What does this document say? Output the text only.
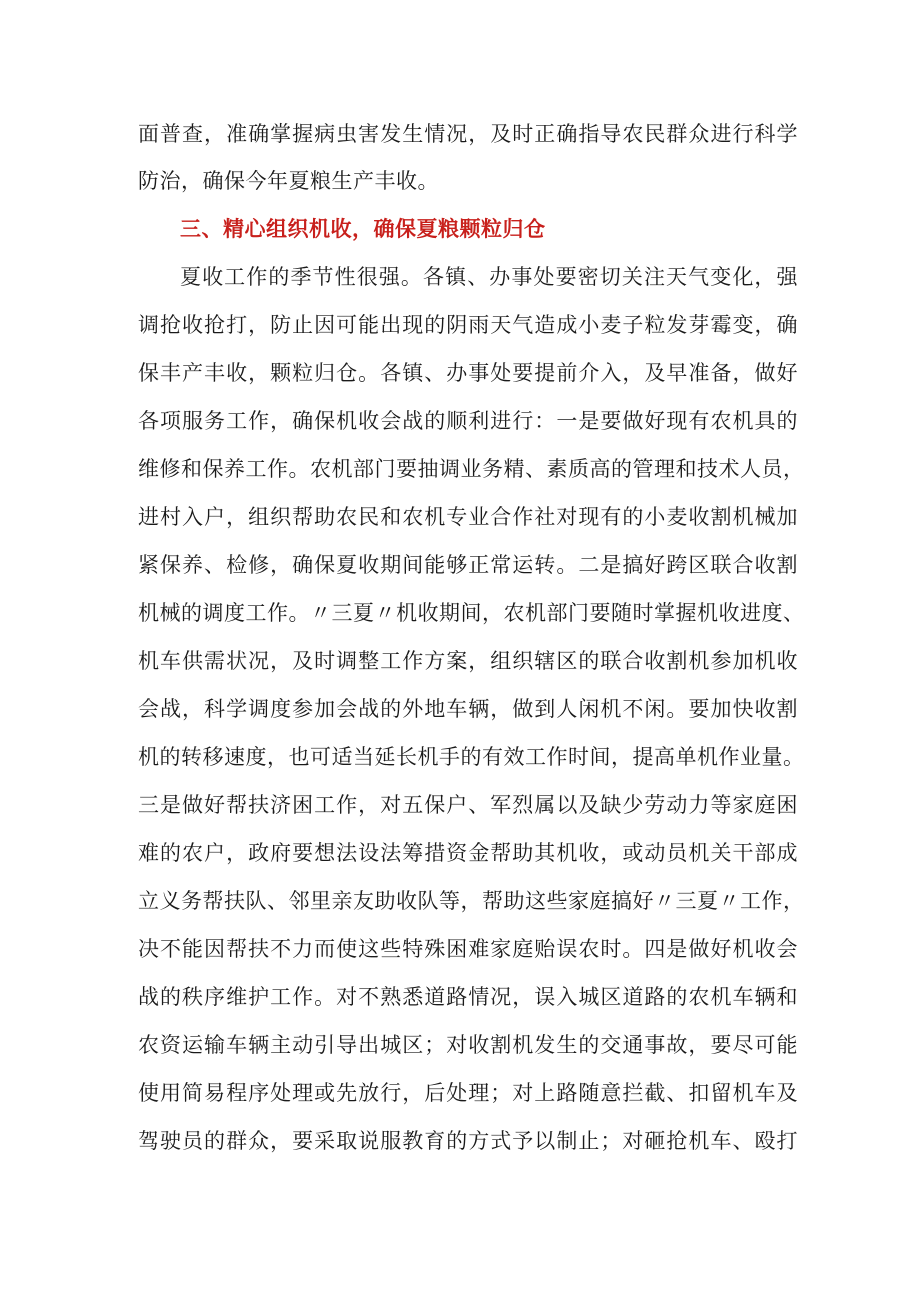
面普查，准确掌握病虫害发生情况，及时正确指导农民群众进行科学
防治，确保今年夏粮生产丰收。
三、精心组织机收，确保夏粮颗粒归仓
夏收工作的季节性很强。各镇、办事处要密切关注天气变化，强
调抢收抢打，防止因可能出现的阴雨天气造成小麦子粒发芽霉变，确
保丰产丰收，颗粒归仓。各镇、办事处要提前介入，及早准备，做好
各项服务工作，确保机收会战的顺利进行：一是要做好现有农机具的
维修和保养工作。农机部门要抽调业务精、素质高的管理和技术人员，
进村入户，组织帮助农民和农机专业合作社对现有的小麦收割机械加
紧保养、检修，确保夏收期间能够正常运转。二是搞好跨区联合收割
机械的调度工作。〃三夏〃机收期间，农机部门要随时掌握机收进度、
机车供需状况，及时调整工作方案，组织辖区的联合收割机参加机收
会战，科学调度参加会战的外地车辆，做到人闲机不闲。要加快收割
机的转移速度，也可适当延长机手的有效工作时间，提高单机作业量。
三是做好帮扶济困工作，对五保户、军烈属以及缺少劳动力等家庭困
难的农户，政府要想法设法筹措资金帮助其机收，或动员机关干部成
立义务帮扶队、邻里亲友助收队等，帮助这些家庭搞好〃三夏〃工作，
决不能因帮扶不力而使这些特殊困难家庭贻误农时。四是做好机收会
战的秩序维护工作。对不熟悉道路情况，误入城区道路的农机车辆和
农资运输车辆主动引导出城区；对收割机发生的交通事故，要尽可能
使用简易程序处理或先放行，后处理；对上路随意拦截、扣留机车及
驾驶员的群众，要采取说服教育的方式予以制止；对砸抢机车、殴打
